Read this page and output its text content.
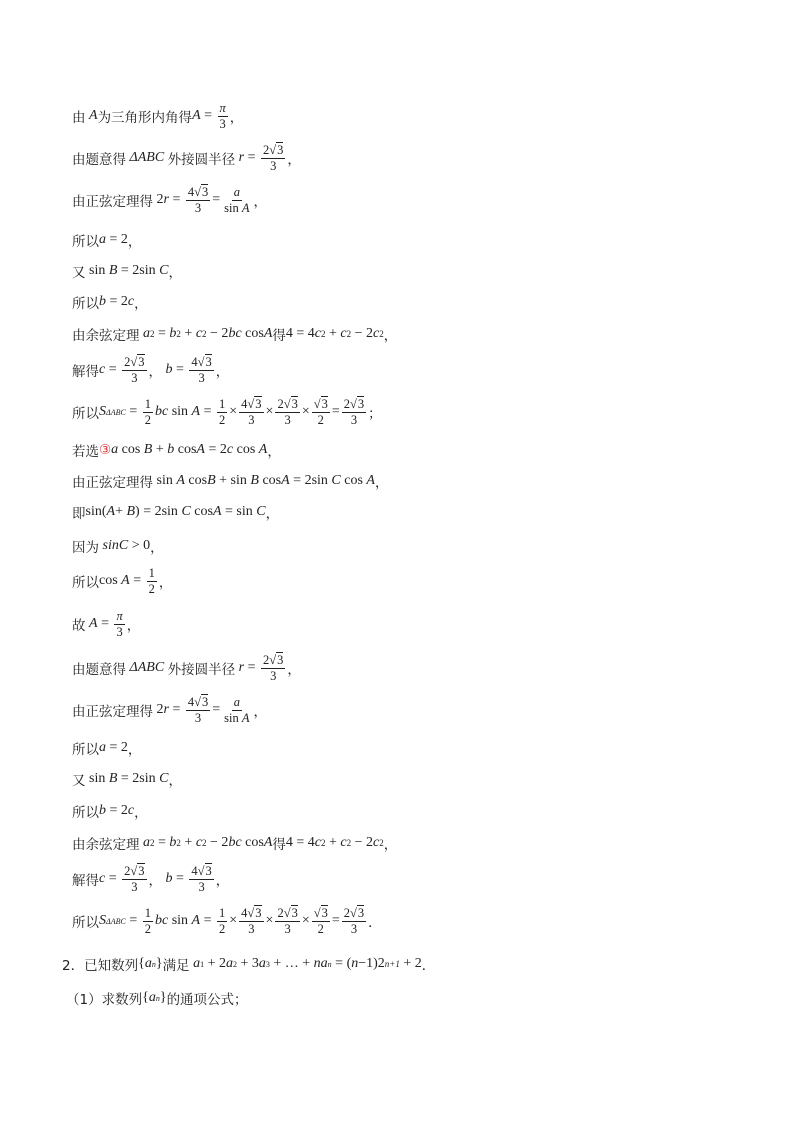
由 A 为三角形内角得 $A = \frac{\pi}{3}$ ，
由题意得 ΔABC 外接圆半径 $r = \frac{2√3}{3}$ ，
由正弦定理得 2 $r = \frac{4√3}{3} = \frac{a}{\text{sin A}}$ ，
所以 a = 2 ，
又 sin B = 2sin C ，
所以 b = 2 c ，
由余弦定理 a 2 = b 2 + c 2 − 2 bc cos A 得 4 = 4 c 2 + c 2 − 2 c 2 ，
解得 $c = \frac{2√3}{3}$ ，
$b = \frac{4√3}{3}$ ，
所以 S $\Delta ABC = \frac{1}{2}$ bc $\sin A = \frac{1}{2} \times \frac{4√3}{3} \times \frac{2√3}{3} \times \frac{√3}{2} = \frac{2√3}{3}$ ；
若选 ③ a cos B + b cos A = 2 c cos A ，
由正弦定理得 sin A cos B + sin B cos A = 2sin C cos A ，
即 sin( A + B ) = 2sin C cos A = sin C ，
因为 sinC > 0 ，
所以 $\cos A = \frac{1}{2}$ ，
故 $A = \frac{\pi}{3}$ ，
由题意得 ΔABC 外接圆半径 $r = \frac{2√3}{3}$ ，
由正弦定理得 2 $r = \frac{4√3}{3} = \frac{a}{\text{sin A}}$ ，
所以 a = 2 ，
又 sin B = 2sin C ，
所以 b = 2 c ，
由余弦定理 a 2 = b 2 + c 2 − 2 bc cos A 得 4 = 4 c 2 + c 2 − 2 c 2 ，
解得 $c = \frac{2√3}{3}$ ，
$b = \frac{4√3}{3}$ ，
所以 S $\Delta ABC = \frac{1}{2}$ bc $\sin A = \frac{1}{2} \times \frac{4√3}{3} \times \frac{2√3}{3} \times \frac{√3}{2} = \frac{2√3}{3}$ ．
2．已知数列 { a n } 满足 a 1 + 2 a 2 + 3 a 3 + … + na n = ( n −1)2 n+1 + 2 ．
（1）求数列 { a n } 的通项公式；
